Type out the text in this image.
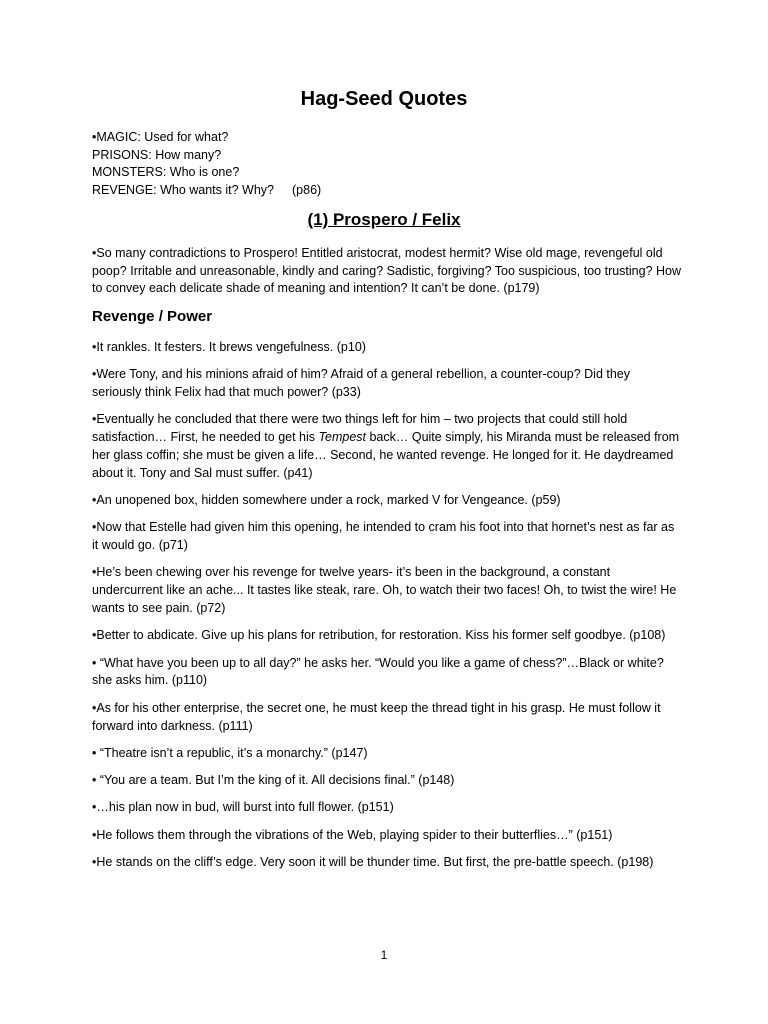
Hag-Seed Quotes
•MAGIC: Used for what?
PRISONS: How many?
MONSTERS: Who is one?
REVENGE: Who wants it? Why? (p86)
(1) Prospero / Felix

•So many contradictions to Prospero! Entitled aristocrat, modest hermit? Wise old mage, revengeful old poop? Irritable and unreasonable, kindly and caring? Sadistic, forgiving? Too suspicious, too trusting? How to convey each delicate shade of meaning and intention? It can’t be done. (p179)

Revenge / Power
•It rankles. It festers. It brews vengefulness. (p10)
•Were Tony, and his minions afraid of him? Afraid of a general rebellion, a counter-coup? Did they seriously think Felix had that much power? (p33)
•Eventually he concluded that there were two things left for him – two projects that could still hold satisfaction… First, he needed to get his Tempest back… Quite simply, his Miranda must be released from her glass coffin; she must be given a life… Second, he wanted revenge. He longed for it. He daydreamed about it. Tony and Sal must suffer. (p41)
•An unopened box, hidden somewhere under a rock, marked V for Vengeance. (p59)
•Now that Estelle had given him this opening, he intended to cram his foot into that hornet’s nest as far as it would go. (p71)
•He’s been chewing over his revenge for twelve years- it’s been in the background, a constant undercurrent like an ache... It tastes like steak, rare. Oh, to watch their two faces! Oh, to twist the wire! He wants to see pain. (p72)
•Better to abdicate. Give up his plans for retribution, for restoration. Kiss his former self goodbye. (p108)
• “What have you been up to all day?” he asks her. “Would you like a game of chess?”…Black or white? she asks him. (p110)
•As for his other enterprise, the secret one, he must keep the thread tight in his grasp. He must follow it forward into darkness. (p111)
• “Theatre isn’t a republic, it’s a monarchy.” (p147)
• “You are a team. But I’m the king of it. All decisions final.” (p148)
•…his plan now in bud, will burst into full flower. (p151)
•He follows them through the vibrations of the Web, playing spider to their butterflies…” (p151)
•He stands on the cliff’s edge. Very soon it will be thunder time. But first, the pre-battle speech. (p198)
1
